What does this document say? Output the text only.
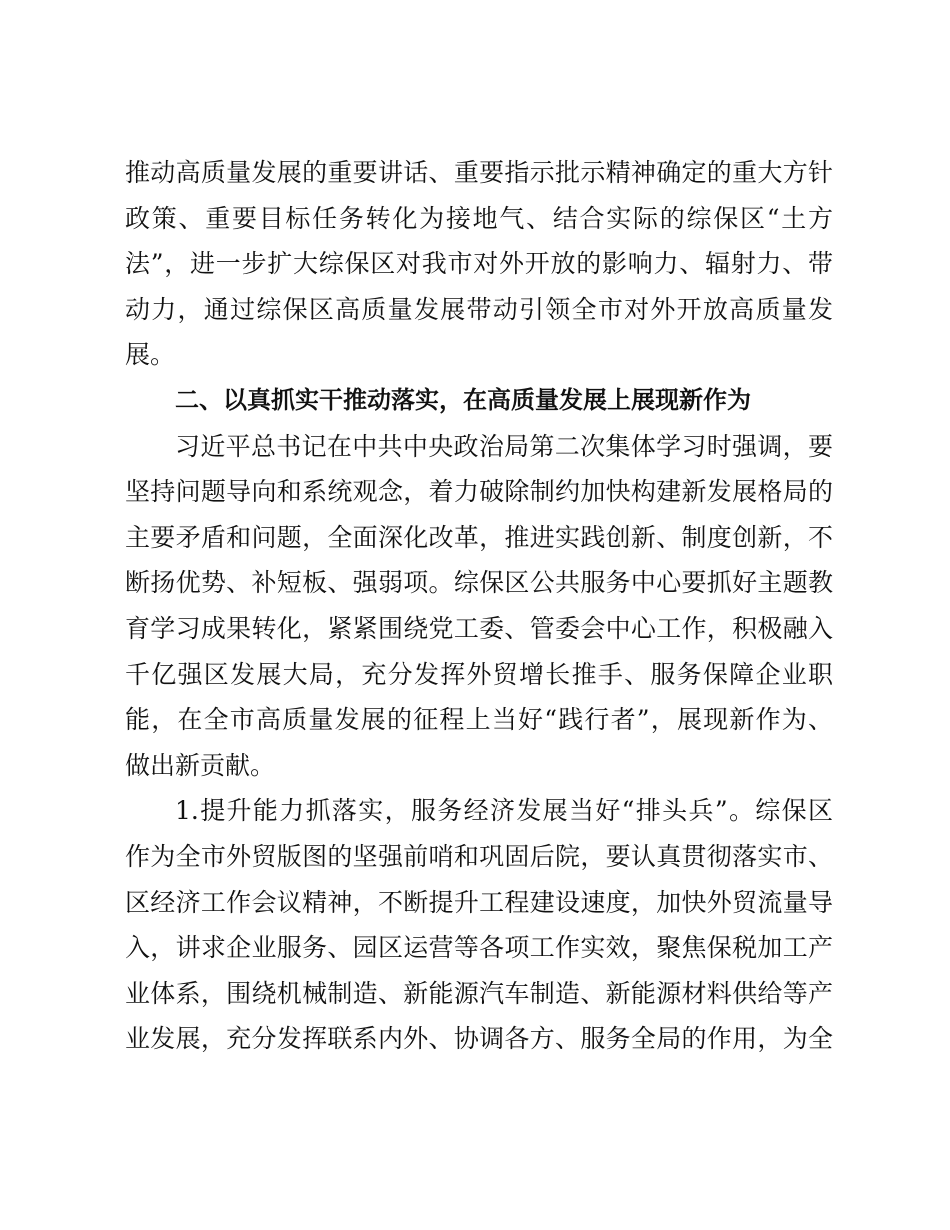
推动高质量发展的重要讲话、重要指示批示精神确定的重大方针
政策、重要目标任务转化为接地气、结合实际的综保区“土方
法”，进一步扩大综保区对我市对外开放的影响力、辐射力、带
动力，通过综保区高质量发展带动引领全市对外开放高质量发
展。
二、以真抓实干推动落实，在高质量发展上展现新作为
习近平总书记在中共中央政治局第二次集体学习时强调，要
坚持问题导向和系统观念，着力破除制约加快构建新发展格局的
主要矛盾和问题，全面深化改革，推进实践创新、制度创新，不
断扬优势、补短板、强弱项。综保区公共服务中心要抓好主题教
育学习成果转化，紧紧围绕党工委、管委会中心工作，积极融入
千亿强区发展大局，充分发挥外贸增长推手、服务保障企业职
能，在全市高质量发展的征程上当好“践行者”，展现新作为、
做出新贡献。
1.提升能力抓落实，服务经济发展当好“排头兵”。综保区
作为全市外贸版图的坚强前哨和巩固后院，要认真贯彻落实市、
区经济工作会议精神，不断提升工程建设速度，加快外贸流量导
入，讲求企业服务、园区运营等各项工作实效，聚焦保税加工产
业体系，围绕机械制造、新能源汽车制造、新能源材料供给等产
业发展，充分发挥联系内外、协调各方、服务全局的作用，为全
